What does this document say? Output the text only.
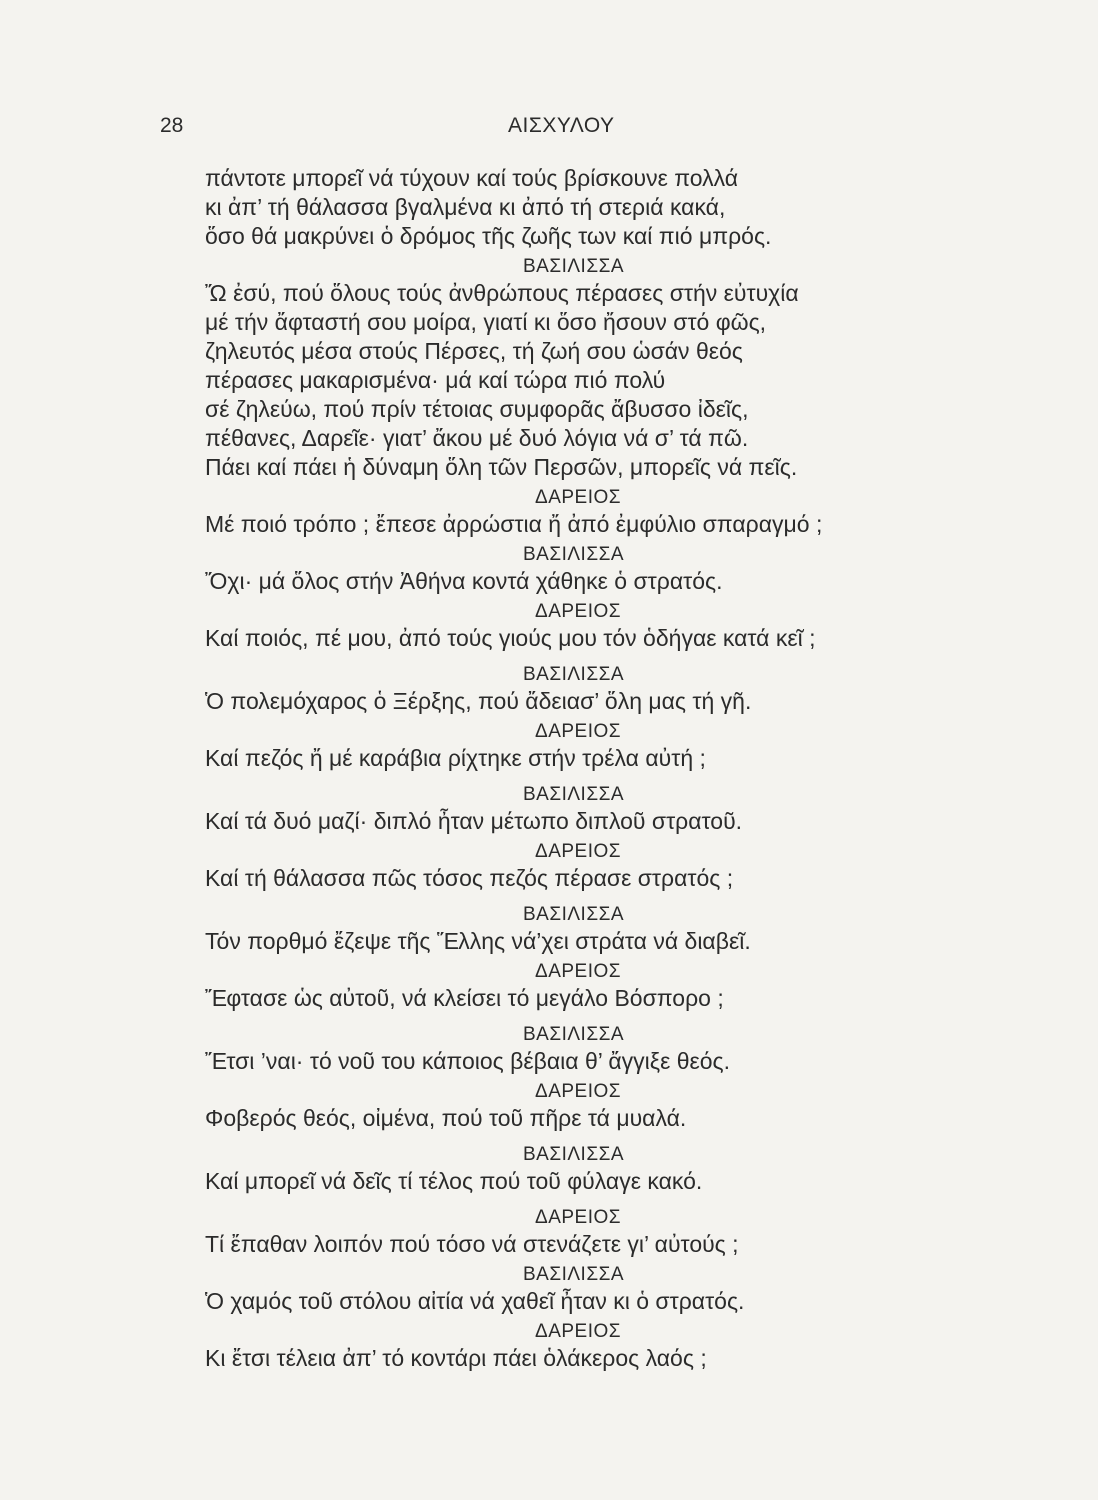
28	ΑΙΣΧΥΛΟΥ
πάντοτε μπορεῖ νά τύχουν καί τούς βρίσκουνε πολλά
κι ἀπ’ τή θάλασσα βγαλμένα κι ἀπό τή στεριά κακά,
ὅσο θά μακρύνει ὁ δρόμος τῆς ζωῆς των καί πιό μπρός.
ΒΑΣΙΛΙΣΣΑ
Ὤ ἐσύ, πού ὅλους τούς ἀνθρώπους πέρασες στήν εὐτυχία
μέ τήν ἄφταστή σου μοίρα, γιατί κι ὅσο ἤσουν στό φῶς,
ζηλευτός μέσα στούς Πέρσες, τή ζωή σου ὡσάν θεός
πέρασες μακαρισμένα· μά καί τώρα πιό πολύ
σέ ζηλεύω, πού πρίν τέτοιας συμφορᾶς ἄβυσσο ἰδεῖς,
πέθανες, Δαρεῖε· γιατ’ ἄκου μέ δυό λόγια νά σ’ τά πῶ.
Πάει καί πάει ἡ δύναμη ὅλη τῶν Περσῶν, μπορεῖς νά πεῖς.
ΔΑΡΕΙΟΣ
Μέ ποιό τρόπο ; ἔπεσε ἀρρώστια ἤ ἀπό ἐμφύλιο σπαραγμό ;
ΒΑΣΙΛΙΣΣΑ
Ὄχι· μά ὅλος στήν Ἀθήνα κοντά χάθηκε ὁ στρατός.
ΔΑΡΕΙΟΣ
Καί ποιός, πέ μου, ἀπό τούς γιούς μου τόν ὁδήγαε κατά κεῖ ;
ΒΑΣΙΛΙΣΣΑ
Ὁ πολεμόχαρος ὁ Ξέρξης, πού ἄδειασ’ ὅλη μας τή γῆ.
ΔΑΡΕΙΟΣ
Καί πεζός ἤ μέ καράβια ρίχτηκε στήν τρέλα αὐτή ;
ΒΑΣΙΛΙΣΣΑ
Καί τά δυό μαζί· διπλό ἦταν μέτωπο διπλοῦ στρατοῦ.
ΔΑΡΕΙΟΣ
Καί τή θάλασσα πῶς τόσος πεζός πέρασε στρατός ;
ΒΑΣΙΛΙΣΣΑ
Τόν πορθμό ἔζεψε τῆς Ἕλλης νά’χει στράτα νά διαβεῖ.
ΔΑΡΕΙΟΣ
Ἔφτασε ὡς αὐτοῦ, νά κλείσει τό μεγάλο Βόσπορο ;
ΒΑΣΙΛΙΣΣΑ
Ἔτσι ’ναι· τό νοῦ του κάποιος βέβαια θ’ ἄγγιξε θεός.
ΔΑΡΕΙΟΣ
Φοβερός θεός, οἰμένα, πού τοῦ πῆρε τά μυαλά.
ΒΑΣΙΛΙΣΣΑ
Καί μπορεῖ νά δεῖς τί τέλος πού τοῦ φύλαγε κακό.
ΔΑΡΕΙΟΣ
Τί ἔπαθαν λοιπόν πού τόσο νά στενάζετε γι’ αὐτούς ;
ΒΑΣΙΛΙΣΣΑ
Ὁ χαμός τοῦ στόλου αἰτία νά χαθεῖ ἦταν κι ὁ στρατός.
ΔΑΡΕΙΟΣ
Κι ἔτσι τέλεια ἀπ’ τό κοντάρι πάει ὁλάκερος λαός ;
